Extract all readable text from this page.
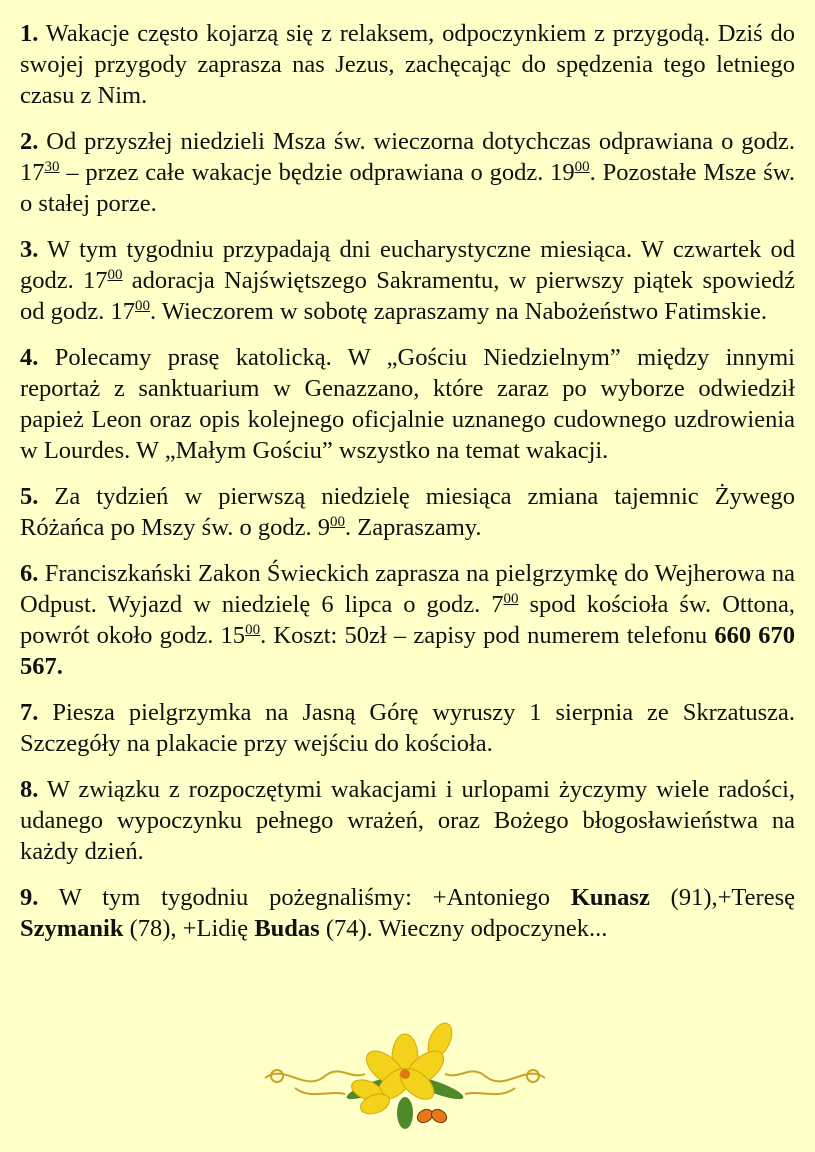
1. Wakacje często kojarzą się z relaksem, odpoczynkiem z przygodą. Dziś do swojej przygody zaprasza nas Jezus, zachęcając do spędzenia tego letniego czasu z Nim.

2. Od przyszłej niedzieli Msza św. wieczorna dotychczas odprawiana o godz. $17^{30}$ – przez całe wakacje będzie odprawiana o godz. $19^{00}$. Pozostałe Msze św. o stałej porze.

3. W tym tygodniu przypadają dni eucharystyczne miesiąca. W czwartek od godz. $17^{00}$ adoracja Najświętszego Sakramentu, w pierwszy piątek spowiedź od godz. $17^{00}$. Wieczorem w sobotę zapraszamy na Nabożeństwo Fatimskie.

4. Polecamy prasę katolicką. W „Gościu Niedzielnym” między innymi reportaż z sanktuarium w Genazzano, które zaraz po wyborze odwiedził papież Leon oraz opis kolejnego oficjalnie uznanego cudownego uzdrowienia w Lourdes. W „Małym Gościu” wszystko na temat wakacji.

5. Za tydzień w pierwszą niedzielę miesiąca zmiana tajemnic Żywego Różańca po Mszy św. o godz. $9^{00}$. Zapraszamy.

6. Franciszkański Zakon Świeckich zaprasza na pielgrzymkę do Wejherowa na Odpust. Wyjazd w niedzielę 6 lipca o godz. $7^{00}$ spod kościoła św. Ottona, powrót około godz. $15^{00}$. Koszt: 50zł – zapisy pod numerem telefonu 660 670 567.

7. Piesza pielgrzymka na Jasną Górę wyruszy 1 sierpnia ze Skrzatusza. Szczegóły na plakacie przy wejściu do kościoła.

8. W związku z rozpoczętymi wakacjami i urlopami życzymy wiele radości, udanego wypoczynku pełnego wrażeń, oraz Bożego błogosławieństwa na każdy dzień.

9. W tym tygodniu pożegnaliśmy: +Antoniego Kunasz (91),+Teresę Szymanik (78), +Lidię Budas (74). Wieczny odpoczynek...
